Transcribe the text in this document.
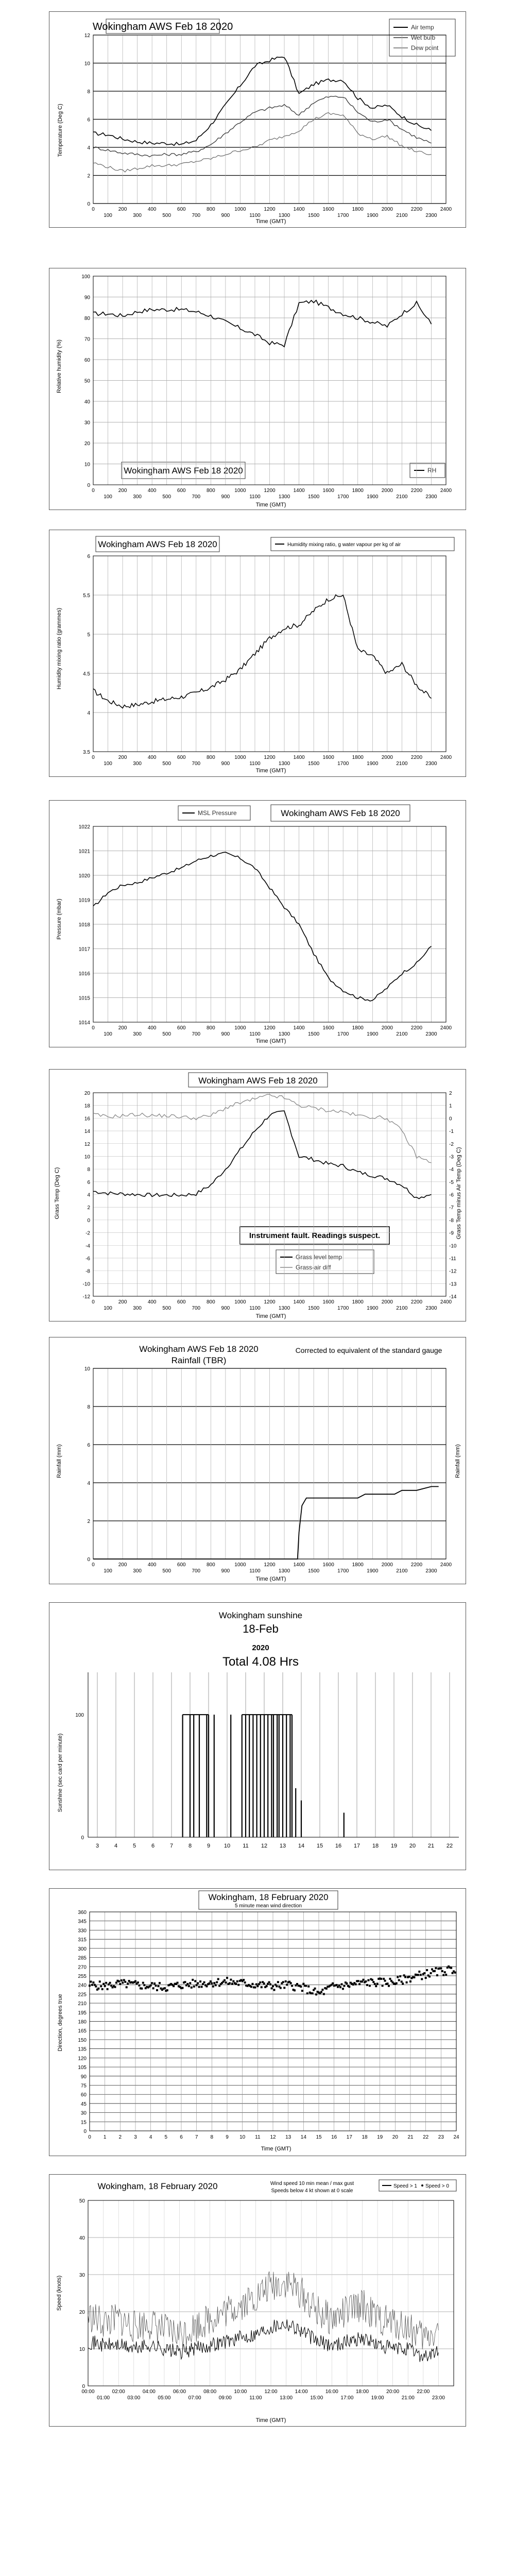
Wokingham AWS Feb 18 2020	Air temp
Wet bulb
Dew point
Temperature (Deg C)
Time (GMT)
0
2
4
6
8
10
12
0	200	400	600	800	1000	1200	1400	1600	1800	2000	2200	2400
100	300	500	700	900	1100	1300	1500	1700	1900	2100	2300
Wokingham AWS Feb 18 2020	RH
Relative humidity (%)
Time (GMT)
0
10
20
30
40
50
60
70
80
90
100
0	200	400	600	800	1000	1200	1400	1600	1800	2000	2200	2400
100	300	500	700	900	1100	1300	1500	1700	1900	2100	2300
Wokingham AWS Feb 18 2020	Humidity mixing ratio, g water vapour per kg of air
Humidity mixing ratio (grammes)
Time (GMT)
3.5
4
4.5
5
5.5
6
0	200	400	600	800	1000	1200	1400	1600	1800	2000	2200	2400
100	300	500	700	900	1100	1300	1500	1700	1900	2100	2300
MSL Pressure	Wokingham AWS Feb 18 2020
Pressure (mbar)
Time (GMT)
1014
1015
1016
1017
1018
1019
1020
1021
1022
0	200	400	600	800	1000	1200	1400	1600	1800	2000	2200	2400
100	300	500	700	900	1100	1300	1500	1700	1900	2100	2300
Wokingham AWS Feb 18 2020
Instrument fault. Readings suspect.
Grass level temp
Grass-air diff
Grass Temp (Deg C)	Grass Temp minus Air Temp (Deg C)
Time (GMT)
-12
-10
-8
-6
-4
-2
0
2
4
6
8
10
12
14
16
18
20
-14
-13
-12
-11
-10
-9
-8
-7
-6
-5
-4
-3
-2
-1
0
1
2
0	200	400	600	800	1000	1200	1400	1600	1800	2000	2200	2400
100	300	500	700	900	1100	1300	1500	1700	1900	2100	2300
Wokingham AWS Feb 18 2020
Rainfall (TBR)
Corrected to equivalent of the standard gauge
Rainfall (mm)	Rainfall (mm)
Time (GMT)
0
2
4
6
8
10
0	200	400	600	800	1000	1200	1400	1600	1800	2000	2200	2400
100	300	500	700	900	1100	1300	1500	1700	1900	2100	2300
Wokingham sunshine
18-Feb
2020
Total 4.08 Hrs
Sunshine (sec card per minute)
3	4	5	6	7	8	9 10 11 12 13 14 15 16 17 18 19 20 21 22
0
100
Wokingham, 18 February 2020
5 minute mean wind direction
Direction, degrees true
Time (GMT)
0
15
30
45
60
75
90
105
120
135
150
165
180
195
210
225
240
255
270
285
300
315
330
345
360
0 1 2 3 4 5 6 7 8 9 10 11 12 13 14 15 16 17 18 19 20 21 22 23 24
Wokingham, 18 February 2020	Wind speed 10 min mean / max gust
Speeds below 4 kt shown at 0 scale
Speed > 1 Speed > 0
Speed (knots)
Time (GMT)
0
10
20
30
40
50
00:00	02:00	04:00	06:00	08:00	10:00	12:00	14:00	16:00	18:00	20:00	22:00
01:00	03:00	05:00	07:00	09:00	11:00	13:00	15:00	17:00	19:00	21:00	23:00
